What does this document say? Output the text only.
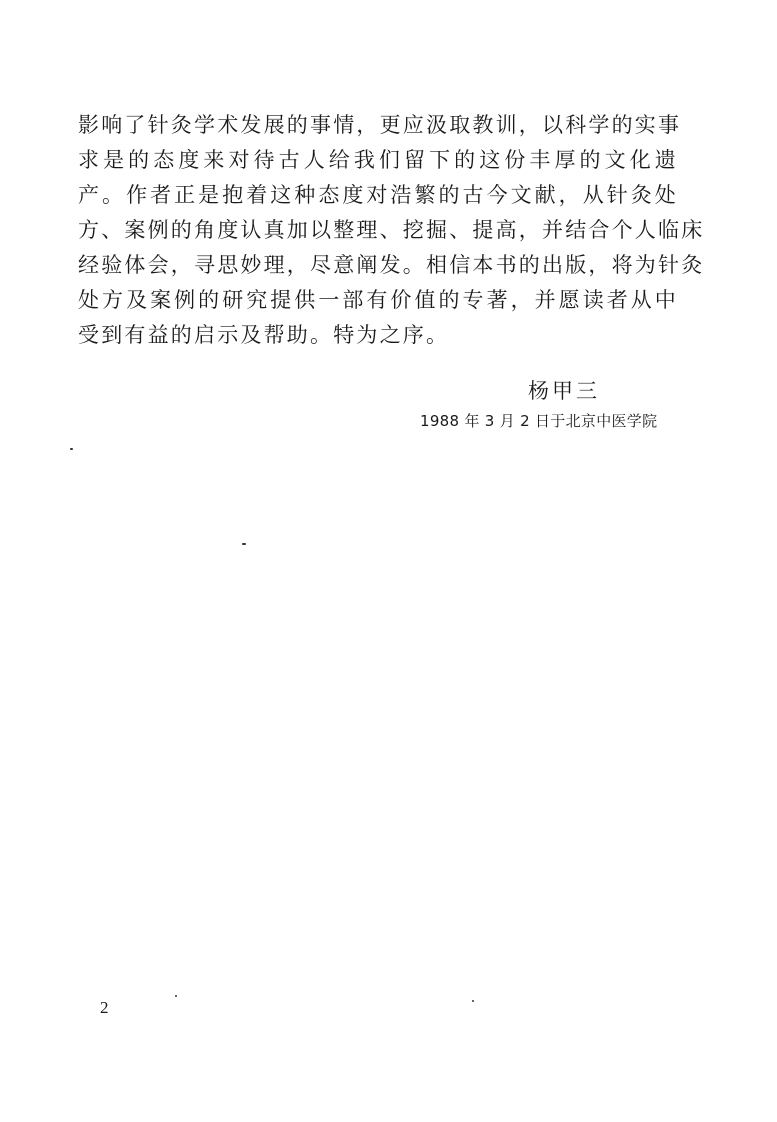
影响了针灸学术发展的事情，更应汲取教训，以科学的实事
求是的态度来对待古人给我们留下的这份丰厚的文化遗
产。作者正是抱着这种态度对浩繁的古今文献，从针灸处
方、案例的角度认真加以整理、挖掘、提高，并结合个人临床
经验体会，寻思妙理，尽意阐发。相信本书的出版，将为针灸
处方及案例的研究提供一部有价值的专著，并愿读者从中
受到有益的启示及帮助。特为之序。
杨甲三
1988 年 3 月 2 日于北京中医学院
2
